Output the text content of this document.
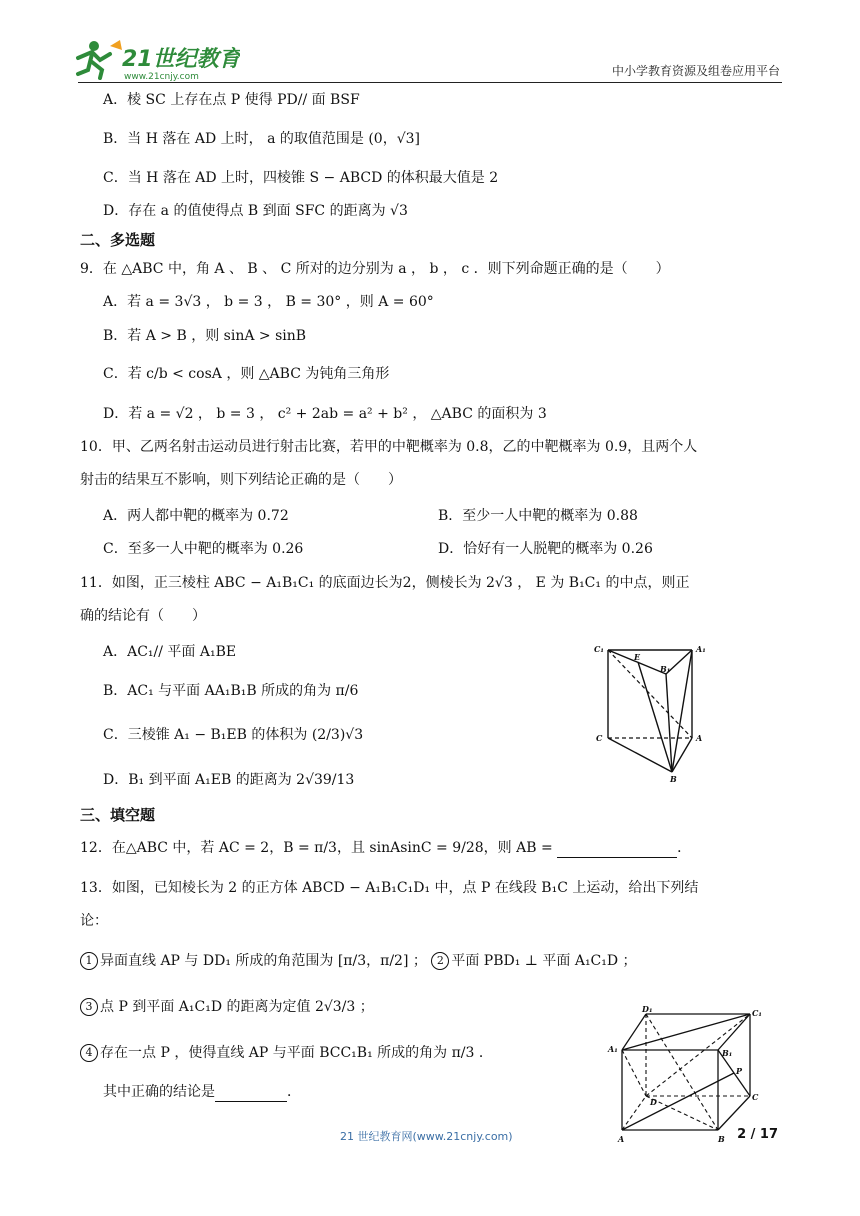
21世纪教育
www.21cnjy.com	中小学教育资源及组卷应用平台
A．棱 SC 上存在点 P 使得 PD// 面 BSF
B．当 H 落在 AD 上时， a 的取值范围是 (0，√3]
C．当 H 落在 AD 上时，四棱锥 S − ABCD 的体积最大值是 2
D．存在 a 的值使得点 B 到面 SFC 的距离为 √3
二、多选题
9．在 △ABC 中，角 A 、 B 、 C 所对的边分别为 a ， b ， c ．则下列命题正确的是（　　）
A．若 a = 3√3 ， b = 3 ， B = 30° ，则 A = 60°
B．若 A > B ，则 sinA > sinB
C．若 c/b < cosA ，则 △ABC 为钝角三角形
D．若 a = √2 ， b = 3 ， c² + 2ab = a² + b² ， △ABC 的面积为 3
10．甲、乙两名射击运动员进行射击比赛，若甲的中靶概率为 0.8，乙的中靶概率为 0.9，且两个人
射击的结果互不影响，则下列结论正确的是（　　）
A．两人都中靶的概率为 0.72	B．至少一人中靶的概率为 0.88
C．至多一人中靶的概率为 0.26	D．恰好有一人脱靶的概率为 0.26
11．如图，正三棱柱 ABC − A₁B₁C₁ 的底面边长为2，侧棱长为 2√3 ， E 为 B₁C₁ 的中点，则正
确的结论有（　　）
A．AC₁// 平面 A₁BE
B．AC₁ 与平面 AA₁B₁B 所成的角为 π/6
C．三棱锥 A₁ − B₁EB 的体积为 (2/3)√3
D．B₁ 到平面 A₁EB 的距离为 2√39/13
C₁
E
A₁
B₁
C	A
B
三、填空题
12．在△ABC 中，若 AC = 2，B = π/3，且 sinAsinC = 9/28，则 AB =	．
13．如图，已知棱长为 2 的正方体 ABCD − A₁B₁C₁D₁ 中，点 P 在线段 B₁C 上运动，给出下列结
论：
1 异面直线 AP 与 DD₁ 所成的角范围为 [π/3，π/2] ； 2 平面 PBD₁ ⊥ 平面 A₁C₁D ；
3 点 P 到平面 A₁C₁D 的距离为定值 2√3/3 ；
4 存在一点 P ，使得直线 AP 与平面 BCC₁B₁ 所成的角为 π/3 ．
其中正确的结论是	．
D₁	C₁
A₁	B₁
P
D	C
A	B
21 世纪教育网(www.21cnjy.com)	2 / 17
